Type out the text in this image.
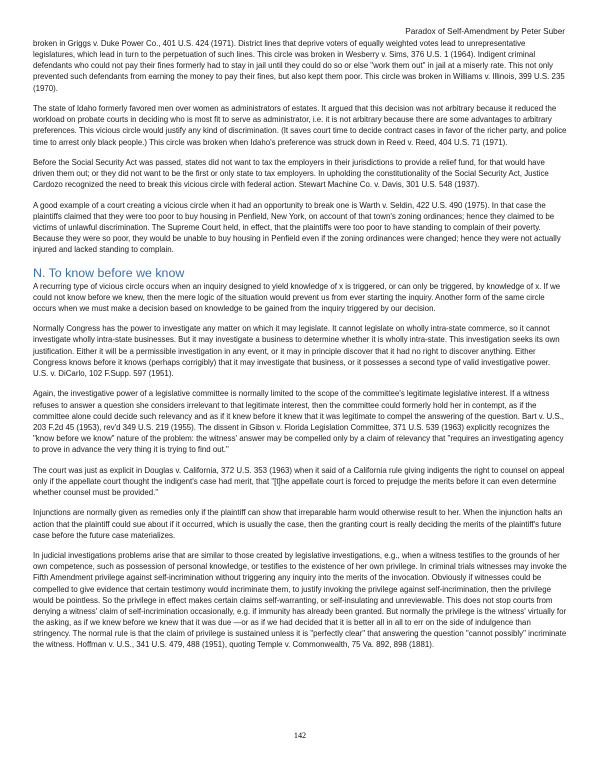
Paradox of Self-Amendment by Peter Suber

broken in Griggs v. Duke Power Co., 401 U.S. 424 (1971). District lines that deprive voters of equally weighted votes lead to unrepresentative legislatures, which lead in turn to the perpetuation of such lines. This circle was broken in Wesberry v. Sims, 376 U.S. 1 (1964). Indigent criminal defendants who could not pay their fines formerly had to stay in jail until they could do so or else "work them out" in jail at a miserly rate. This not only prevented such defendants from earning the money to pay their fines, but also kept them poor. This circle was broken in Williams v. Illinois, 399 U.S. 235 (1970).

The state of Idaho formerly favored men over women as administrators of estates. It argued that this decision was not arbitrary because it reduced the workload on probate courts in deciding who is most fit to serve as administrator, i.e. it is not arbitrary because there are some advantages to arbitrary preferences. This vicious circle would justify any kind of discrimination. (It saves court time to decide contract cases in favor of the richer party, and police time to arrest only black people.) This circle was broken when Idaho's preference was struck down in Reed v. Reed, 404 U.S. 71 (1971).

Before the Social Security Act was passed, states did not want to tax the employers in their jurisdictions to provide a relief fund, for that would have driven them out; or they did not want to be the first or only state to tax employers. In upholding the constitutionality of the Social Security Act, Justice Cardozo recognized the need to break this vicious circle with federal action. Stewart Machine Co. v. Davis, 301 U.S. 548 (1937).

A good example of a court creating a vicious circle when it had an opportunity to break one is Warth v. Seldin, 422 U.S. 490 (1975). In that case the plaintiffs claimed that they were too poor to buy housing in Penfield, New York, on account of that town's zoning ordinances; hence they claimed to be victims of unlawful discrimination. The Supreme Court held, in effect, that the plaintiffs were too poor to have standing to complain of their poverty. Because they were so poor, they would be unable to buy housing in Penfield even if the zoning ordinances were changed; hence they were not actually injured and lacked standing to complain.

N. To know before we know

A recurring type of vicious circle occurs when an inquiry designed to yield knowledge of x is triggered, or can only be triggered, by knowledge of x. If we could not know before we knew, then the mere logic of the situation would prevent us from ever starting the inquiry. Another form of the same circle occurs when we must make a decision based on knowledge to be gained from the inquiry triggered by our decision.

Normally Congress has the power to investigate any matter on which it may legislate. It cannot legislate on wholly intra-state commerce, so it cannot investigate wholly intra-state businesses. But it may investigate a business to determine whether it is wholly intra-state. This investigation seeks its own justification. Either it will be a permissible investigation in any event, or it may in principle discover that it had no right to discover anything. Either Congress knows before it knows (perhaps corrigibly) that it may investigate that business, or it possesses a second type of valid investigative power. U.S. v. DiCarlo, 102 F.Supp. 597 (1951).

Again, the investigative power of a legislative committee is normally limited to the scope of the committee's legitimate legislative interest. If a witness refuses to answer a question she considers irrelevant to that legitimate interest, then the committee could formerly hold her in contempt, as if the committee alone could decide such relevancy and as if it knew before it knew that it was legitimate to compel the answering of the question. Bart v. U.S., 203 F.2d 45 (1953), rev'd 349 U.S. 219 (1955). The dissent in Gibson v. Florida Legislation Committee, 371 U.S. 539 (1963) explicitly recognizes the "know before we know" nature of the problem: the witness' answer may be compelled only by a claim of relevancy that "requires an investigating agency to prove in advance the very thing it is trying to find out."

The court was just as explicit in Douglas v. California, 372 U.S. 353 (1963) when it said of a California rule giving indigents the right to counsel on appeal only if the appellate court thought the indigent's case had merit, that "[t]he appellate court is forced to prejudge the merits before it can even determine whether counsel must be provided."

Injunctions are normally given as remedies only if the plaintiff can show that irreparable harm would otherwise result to her. When the injunction halts an action that the plaintiff could sue about if it occurred, which is usually the case, then the granting court is really deciding the merits of the plaintiff's future case before the future case materializes.

In judicial investigations problems arise that are similar to those created by legislative investigations, e.g., when a witness testifies to the grounds of her own competence, such as possession of personal knowledge, or testifies to the existence of her own privilege. In criminal trials witnesses may invoke the Fifth Amendment privilege against self-incrimination without triggering any inquiry into the merits of the invocation. Obviously if witnesses could be compelled to give evidence that certain testimony would incriminate them, to justify invoking the privilege against self-incrimination, then the privilege would be pointless. So the privilege in effect makes certain claims self-warranting, or self-insulating and unreviewable. This does not stop courts from denying a witness' claim of self-incrimination occasionally, e.g. if immunity has already been granted. But normally the privilege is the witness' virtually for the asking, as if we knew before we knew that it was due —or as if we had decided that it is better all in all to err on the side of indulgence than stringency. The normal rule is that the claim of privilege is sustained unless it is "perfectly clear" that answering the question "cannot possibly" incriminate the witness. Hoffman v. U.S., 341 U.S. 479, 488 (1951), quoting Temple v. Commonwealth, 75 Va. 892, 898 (1881).

142
